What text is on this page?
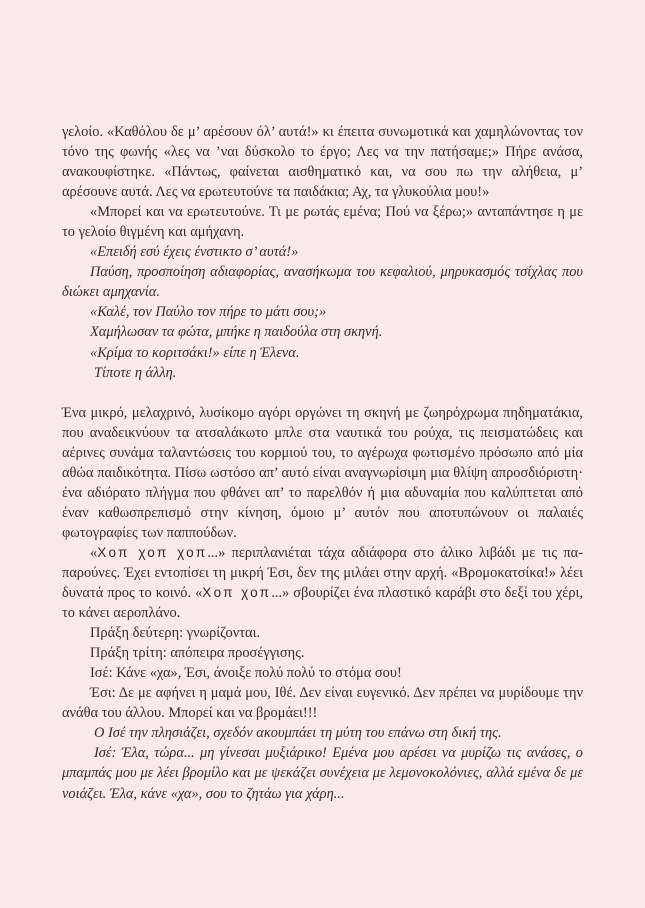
γελοίο. «Καθόλου δε μ’ αρέσουν όλ’ αυτά!» κι έπειτα συνωμοτικά και χαμηλώνοντας τον τόνο της φωνής «λες να ’ναι δύσκολο το έργο; Λες να την πατήσαμε;» Πήρε ανάσα, ανακουφίστηκε. «Πάντως, φαίνεται αισθηματικό και, να σου πω την αλήθεια, μ’ αρέσουνε αυτά. Λες να ερωτευτούνε τα παιδάκια; Αχ, τα γλυκούλια μου!»

«Μπορεί και να ερωτευτούνε. Τι με ρωτάς εμένα; Πού να ξέρω;» ανταπάντησε η με το γελοίο θιγμένη και αμήχανη.

«Επειδή εσύ έχεις ένστικτο σ’ αυτά!»

Παύση, προσποίηση αδιαφορίας, ανασήκωμα του κεφαλιού, μηρυκασμός τσίχλας που διώκει αμηχανία.

«Καλέ, τον Παύλο τον πήρε το μάτι σου;»

Χαμήλωσαν τα φώτα, μπήκε η παιδούλα στη σκηνή.

«Κρίμα το κοριτσάκι!» είπε η Έλενα.

Τίποτε η άλλη.

Ένα μικρό, μελαχρινό, λυσίκομο αγόρι οργώνει τη σκηνή με ζωηρόχρωμα πηδηματάκια, που αναδεικνύουν τα ατσαλάκωτο μπλε στα ναυτικά του ρούχα, τις πεισματώδεις και αέρινες συνάμα ταλαντώσεις του κορμιού του, το αγέρωχα φωτισμένο πρόσωπο από μία αθώα παιδικότητα. Πίσω ωστόσο απ’ αυτό είναι αναγνωρίσιμη μια θλίψη απροσδιόριστη· ένα αδιόρατο πλήγμα που φθάνει απ’ το παρελθόν ή μια αδυναμία που καλύπτεται από έναν καθωσπρεπισμό στην κίνηση, όμοιο μ’ αυτόν που αποτυπώνουν οι παλαιές φωτογραφίες των παππούδων.

«Χοπ χοπ χοπ...» περιπλανιέται τάχα αδιάφορα στο άλικο λιβάδι με τις πα-παρούνες. Έχει εντοπίσει τη μικρή Έσι, δεν της μιλάει στην αρχή. «Βρομοκατσίκα!» λέει δυνατά προς το κοινό. «Χοπ χοπ...» σβουρίζει ένα πλαστικό καράβι στο δεξί του χέρι, το κάνει αεροπλάνο.

Πράξη δεύτερη: γνωρίζονται.

Πράξη τρίτη: απόπειρα προσέγγισης.

Ισέ: Κάνε «χα», Έσι, άνοιξε πολύ πολύ το στόμα σου!

Έσι: Δε με αφήνει η μαμά μου, Ιθέ. Δεν είναι ευγενικό. Δεν πρέπει να μυρίδουμε την ανάθα του άλλου. Μπορεί και να βρομάει!!!

Ο Ισέ την πλησιάζει, σχεδόν ακουμπάει τη μύτη του επάνω στη δική της.

Ισέ: Έλα, τώρα... μη γίνεσαι μυξιάρικο! Εμένα μου αρέσει να μυρίζω τις ανάσες, ο μπαμπάς μου με λέει βρομίλο και με ψεκάζει συνέχεια με λεμονοκολόνιες, αλλά εμένα δε με νοιάζει. Έλα, κάνε «χα», σου το ζητάω για χάρη...
